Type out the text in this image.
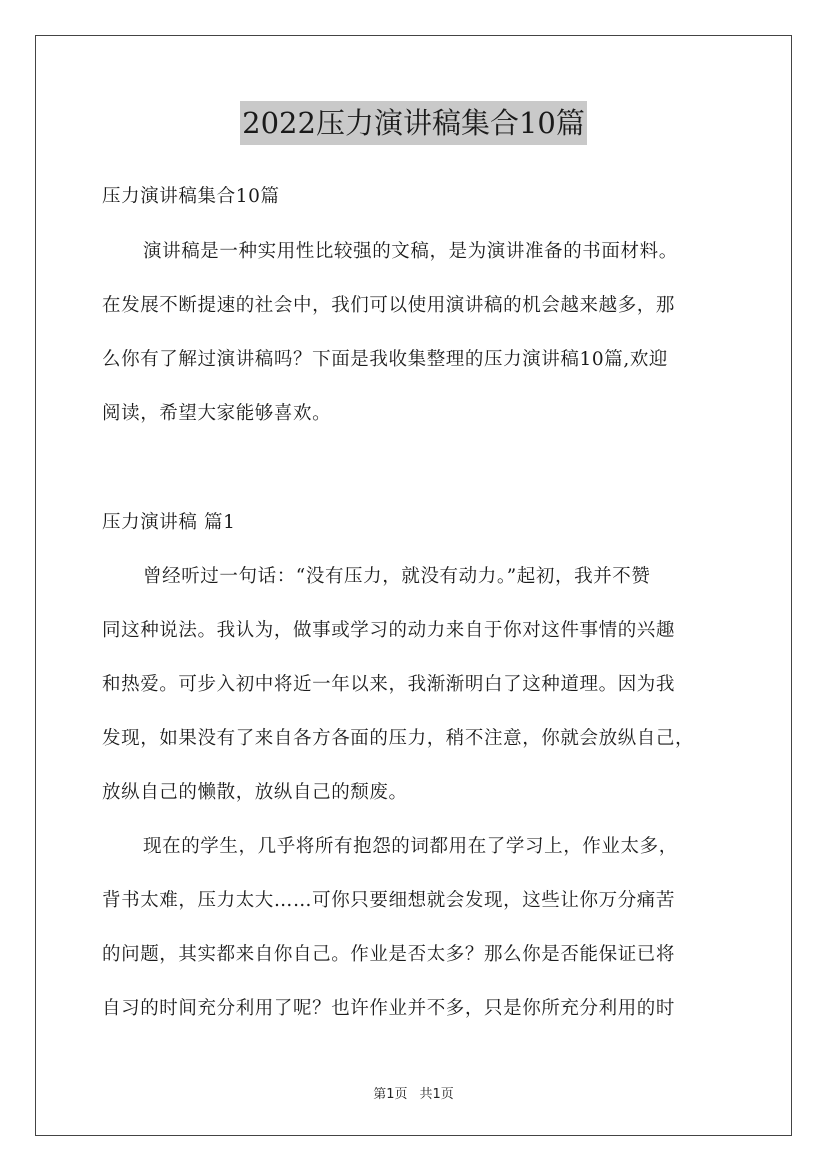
2022压力演讲稿集合10篇
压力演讲稿集合10篇
演讲稿是一种实用性比较强的文稿，是为演讲准备的书面材料。
在发展不断提速的社会中，我们可以使用演讲稿的机会越来越多，那
么你有了解过演讲稿吗？下面是我收集整理的压力演讲稿10篇,欢迎
阅读，希望大家能够喜欢。
压力演讲稿 篇1
曾经听过一句话：“没有压力，就没有动力。”起初，我并不赞
同这种说法。我认为，做事或学习的动力来自于你对这件事情的兴趣
和热爱。可步入初中将近一年以来，我渐渐明白了这种道理。因为我
发现，如果没有了来自各方各面的压力，稍不注意，你就会放纵自己，
放纵自己的懒散，放纵自己的颓废。
现在的学生，几乎将所有抱怨的词都用在了学习上，作业太多，
背书太难，压力太大……可你只要细想就会发现，这些让你万分痛苦
的问题，其实都来自你自己。作业是否太多？那么你是否能保证已将
自习的时间充分利用了呢？也许作业并不多，只是你所充分利用的时
第1页 共1页
